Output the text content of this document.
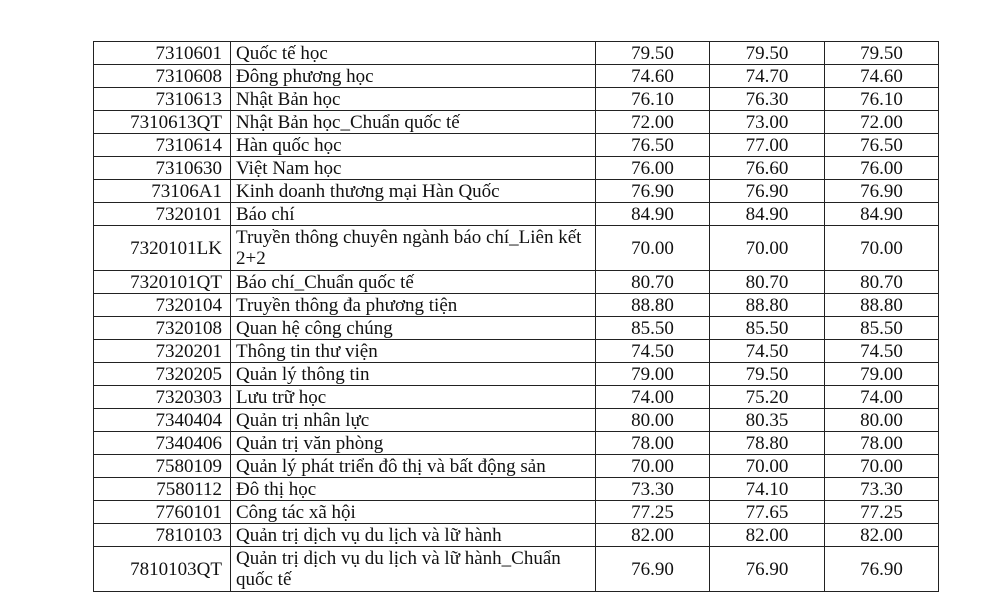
7310601	Quốc tế học	79.50	79.50	79.50
7310608	Đông phương học	74.60	74.70	74.60
7310613	Nhật Bản học	76.10	76.30	76.10
7310613QT	Nhật Bản học_Chuẩn quốc tế	72.00	73.00	72.00
7310614	Hàn quốc học	76.50	77.00	76.50
7310630	Việt Nam học	76.00	76.60	76.00
73106A1	Kinh doanh thương mại Hàn Quốc	76.90	76.90	76.90
7320101	Báo chí	84.90	84.90	84.90
7320101LK	Truyền thông chuyên ngành báo chí_Liên kết 2+2	70.00	70.00	70.00
7320101QT	Báo chí_Chuẩn quốc tế	80.70	80.70	80.70
7320104	Truyền thông đa phương tiện	88.80	88.80	88.80
7320108	Quan hệ công chúng	85.50	85.50	85.50
7320201	Thông tin thư viện	74.50	74.50	74.50
7320205	Quản lý thông tin	79.00	79.50	79.00
7320303	Lưu trữ học	74.00	75.20	74.00
7340404	Quản trị nhân lực	80.00	80.35	80.00
7340406	Quản trị văn phòng	78.00	78.80	78.00
7580109	Quản lý phát triển đô thị và bất động sản	70.00	70.00	70.00
7580112	Đô thị học	73.30	74.10	73.30
7760101	Công tác xã hội	77.25	77.65	77.25
7810103	Quản trị dịch vụ du lịch và lữ hành	82.00	82.00	82.00
7810103QT	Quản trị dịch vụ du lịch và lữ hành_Chuẩn quốc tế	76.90	76.90	76.90
